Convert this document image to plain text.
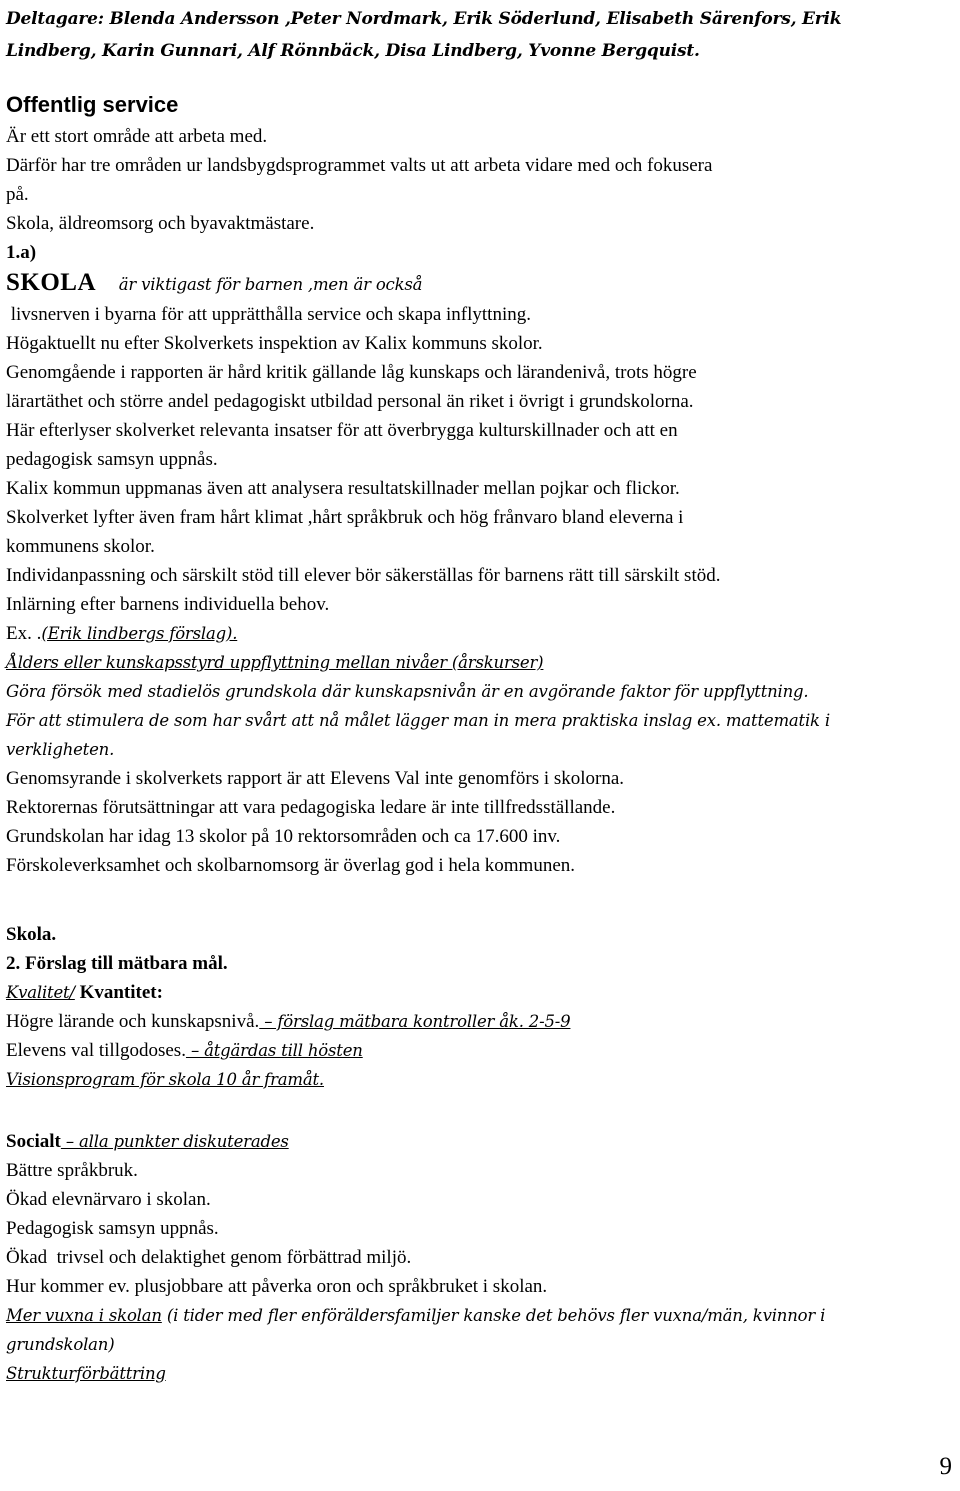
Deltagare: Blenda Andersson ,Peter Nordmark, Erik Söderlund, Elisabeth Särenfors, Erik

Lindberg, Karin Gunnari, Alf Rönnbäck, Disa Lindberg, Yvonne Bergquist.

Offentlig service

Är ett stort område att arbeta med.

Därför har tre områden ur landsbygdsprogrammet valts ut att arbeta vidare med och fokusera

på.

Skola, äldreomsorg och byavaktmästare.

1.a)

SKOLA är viktigast för barnen ,men är också

livsnerven i byarna för att upprätthålla service och skapa inflyttning.

Högaktuellt nu efter Skolverkets inspektion av Kalix kommuns skolor.

Genomgående i rapporten är hård kritik gällande låg kunskaps och lärandenivå, trots högre

lärartäthet och större andel pedagogiskt utbildad personal än riket i övrigt i grundskolorna.

Här efterlyser skolverket relevanta insatser för att överbrygga kulturskillnader och att en

pedagogisk samsyn uppnås.

Kalix kommun uppmanas även att analysera resultatskillnader mellan pojkar och flickor.

Skolverket lyfter även fram hårt klimat ,hårt språkbruk och hög frånvaro bland eleverna i

kommunens skolor.

Individanpassning och särskilt stöd till elever bör säkerställas för barnens rätt till särskilt stöd.

Inlärning efter barnens individuella behov.

Ex. .(Erik lindbergs förslag).

Ålders eller kunskapsstyrd uppflyttning mellan nivåer (årskurser)

Göra försök med stadielös grundskola där kunskapsnivån är en avgörande faktor för uppflyttning.

För att stimulera de som har svårt att nå målet lägger man in mera praktiska inslag ex. mattematik i

verkligheten.

Genomsyrande i skolverkets rapport är att Elevens Val inte genomförs i skolorna.

Rektorernas förutsättningar att vara pedagogiska ledare är inte tillfredsställande.

Grundskolan har idag 13 skolor på 10 rektorsområden och ca 17.600 inv.

Förskoleverksamhet och skolbarnomsorg är överlag god i hela kommunen.

Skola.

2. Förslag till mätbara mål.

Kvalitet/ Kvantitet:

Högre lärande och kunskapsnivå. – förslag mätbara kontroller åk. 2-5-9

Elevens val tillgodoses. – åtgärdas till hösten

Visionsprogram för skola 10 år framåt.

Socialt – alla punkter diskuterades

Bättre språkbruk.

Ökad elevnärvaro i skolan.

Pedagogisk samsyn uppnås.

Ökad  trivsel och delaktighet genom förbättrad miljö.

Hur kommer ev. plusjobbare att påverka oron och språkbruket i skolan.

Mer vuxna i skolan (i tider med fler enföräldersfamiljer kanske det behövs fler vuxna/män, kvinnor i

grundskolan)

Strukturförbättring

9
